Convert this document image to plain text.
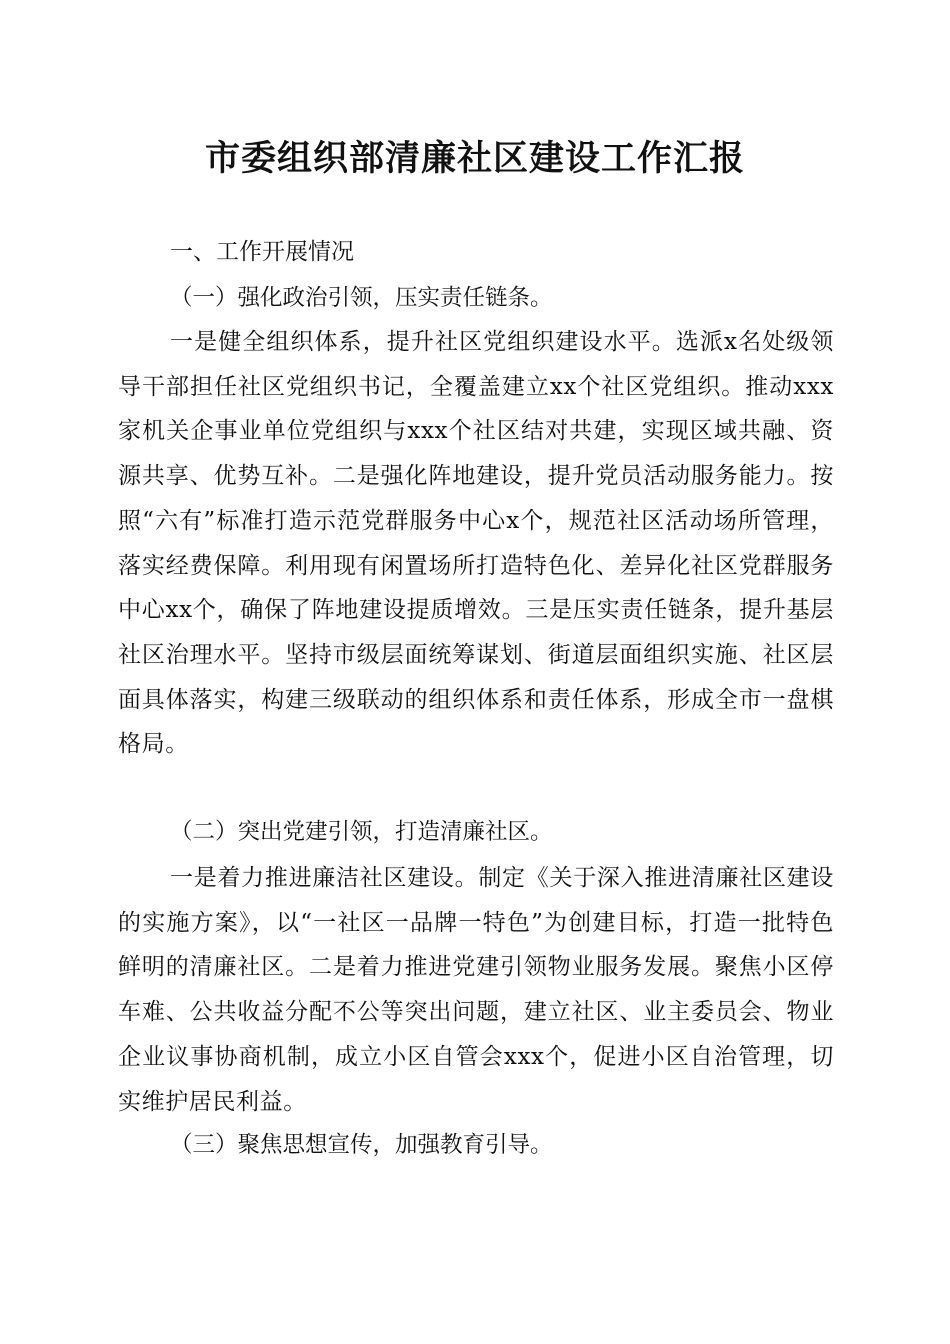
市委组织部清廉社区建设工作汇报
一、工作开展情况
（一）强化政治引领，压实责任链条。

一是健全组织体系，提升社区党组织建设水平。选派x名处级领导干部担任社区党组织书记，全覆盖建立xx个社区党组织。推动xxx家机关企事业单位党组织与xxx个社区结对共建，实现区域共融、资源共享、优势互补。二是强化阵地建设，提升党员活动服务能力。按照“六有”标准打造示范党群服务中心x个，规范社区活动场所管理，落实经费保障。利用现有闲置场所打造特色化、差异化社区党群服务中心xx个，确保了阵地建设提质增效。三是压实责任链条，提升基层社区治理水平。坚持市级层面统筹谋划、街道层面组织实施、社区层面具体落实，构建三级联动的组织体系和责任体系，形成全市一盘棋格局。

（二）突出党建引领，打造清廉社区。

一是着力推进廉洁社区建设。制定《关于深入推进清廉社区建设的实施方案》，以“一社区一品牌一特色”为创建目标，打造一批特色鲜明的清廉社区。二是着力推进党建引领物业服务发展。聚焦小区停车难、公共收益分配不公等突出问题，建立社区、业主委员会、物业企业议事协商机制，成立小区自管会xxx个，促进小区自治管理，切实维护居民利益。

（三）聚焦思想宣传，加强教育引导。
